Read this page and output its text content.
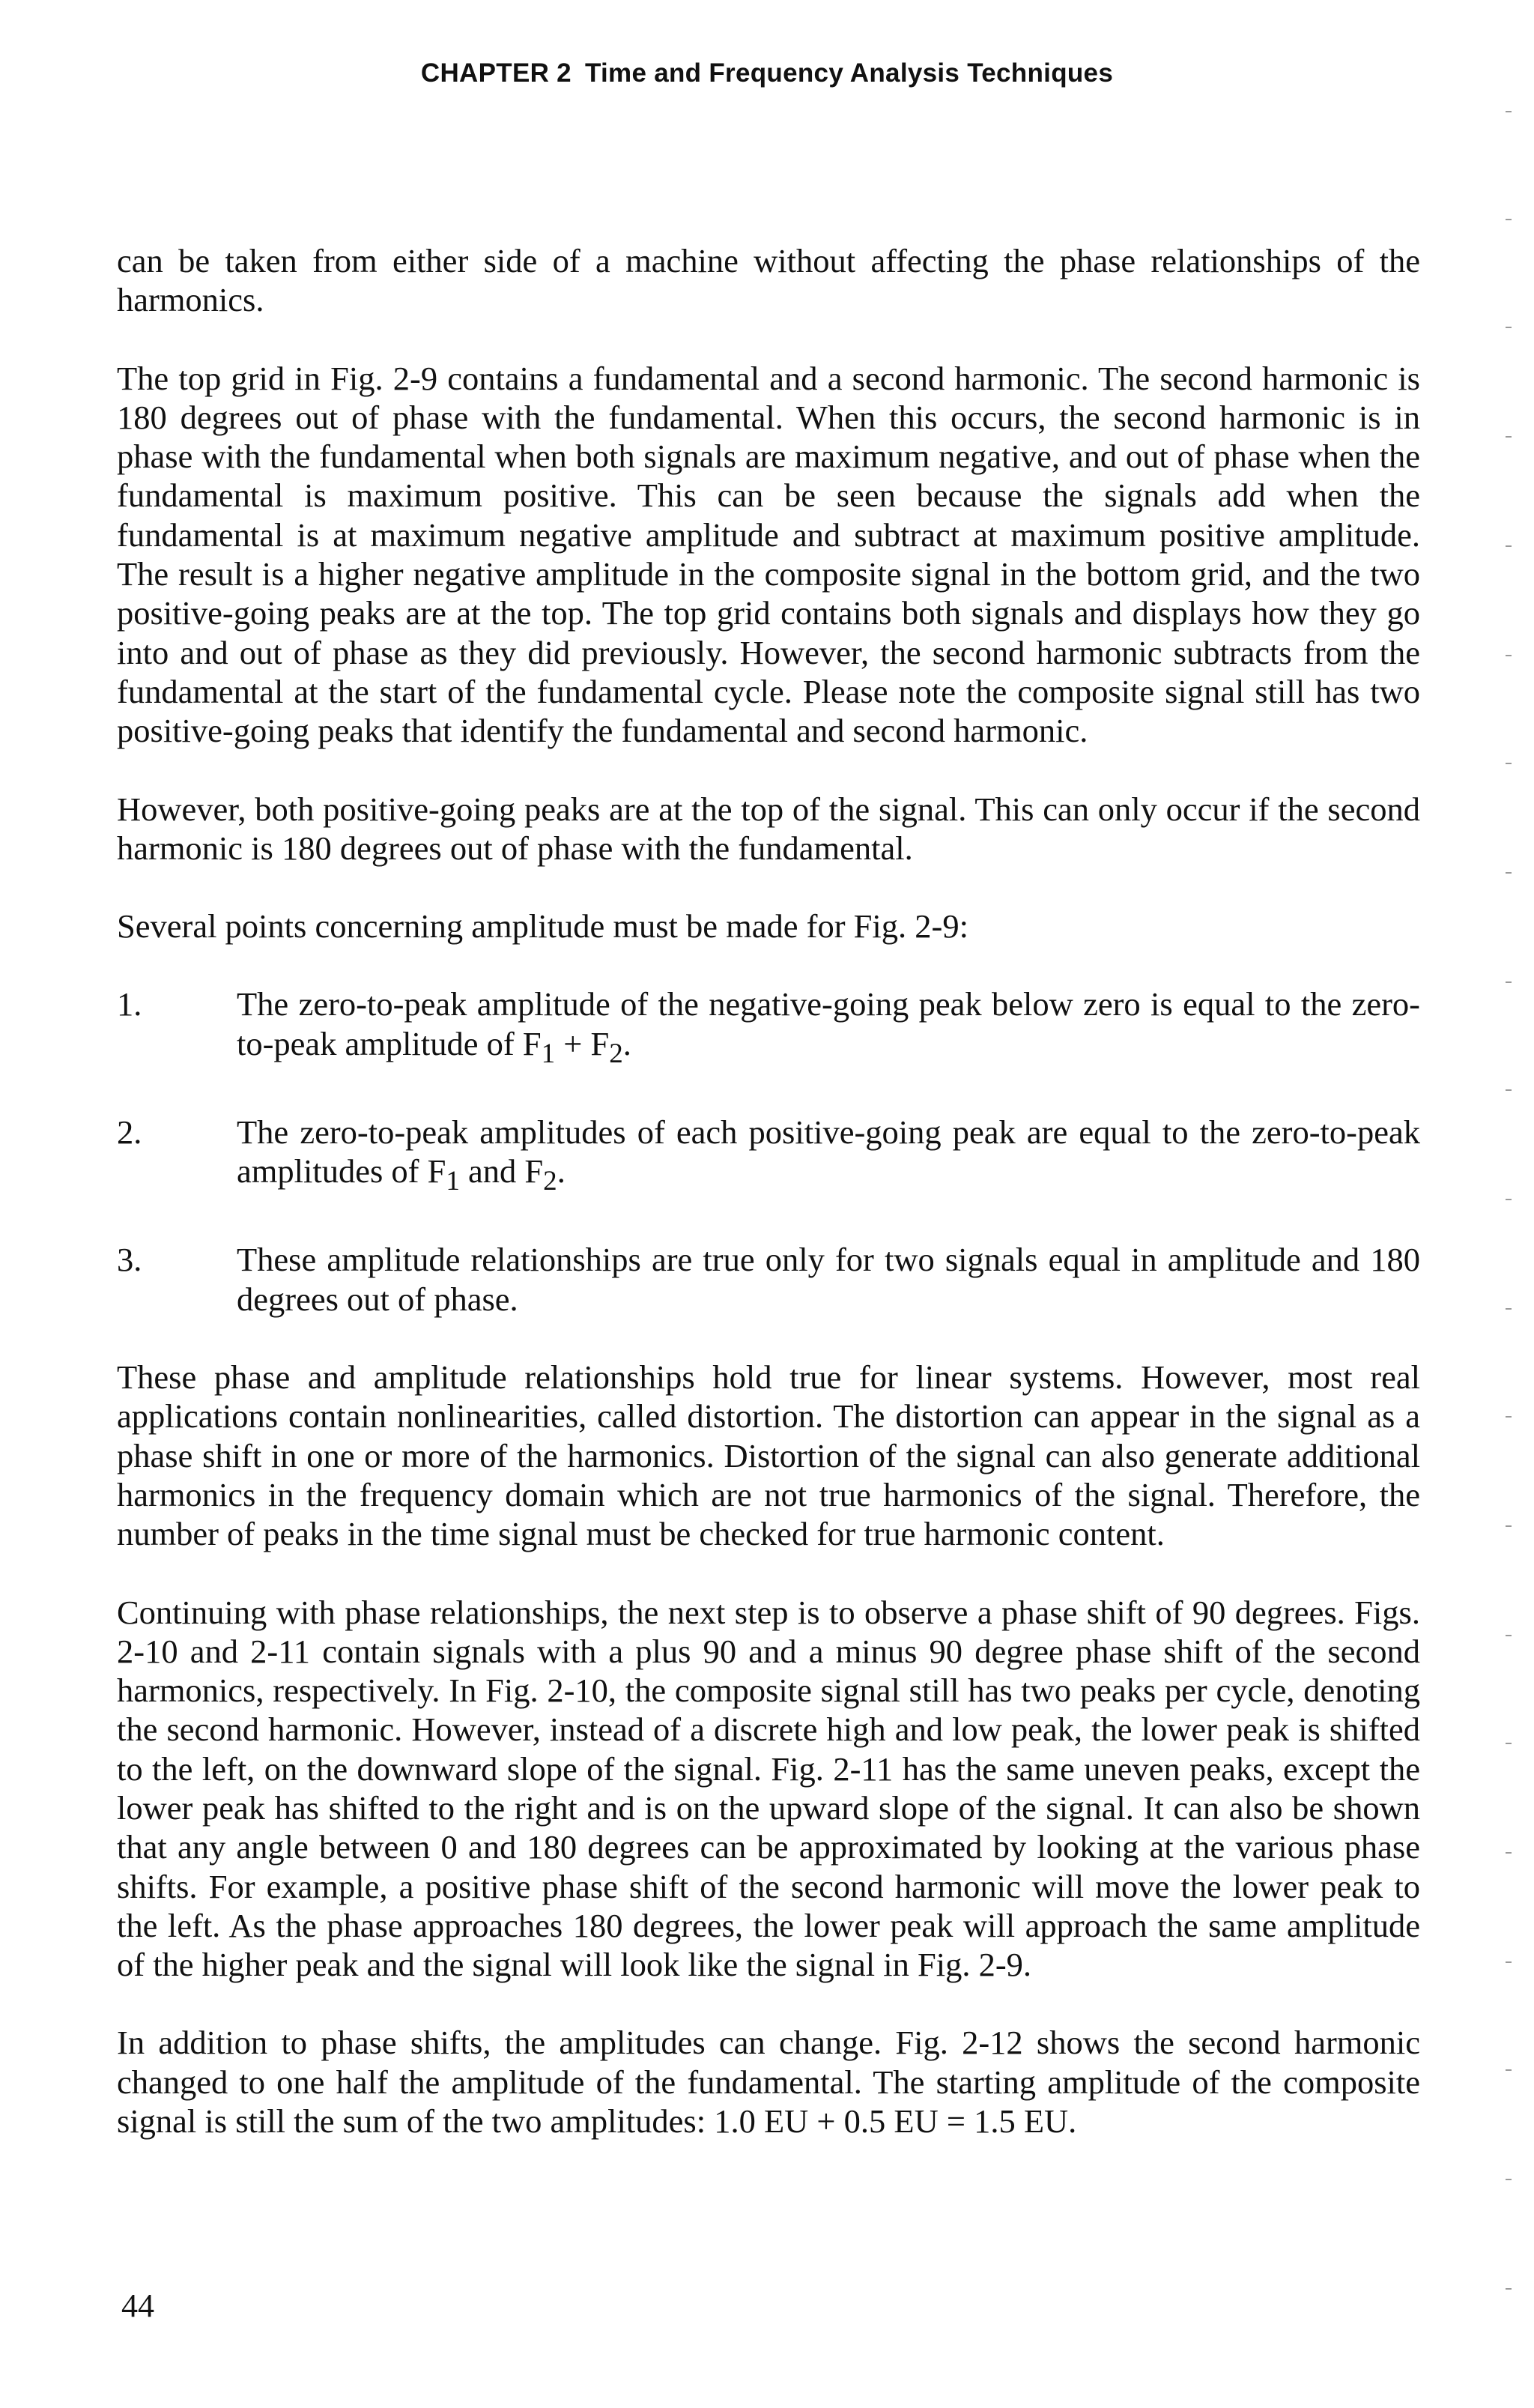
CHAPTER 2 Time and Frequency Analysis Techniques

can be taken from either side of a machine without affecting the phase relationships of the harmonics.

The top grid in Fig. 2-9 contains a fundamental and a second harmonic. The second harmonic is 180 degrees out of phase with the fundamental. When this occurs, the second harmonic is in phase with the fundamental when both signals are maximum negative, and out of phase when the fundamental is maximum positive. This can be seen because the signals add when the fundamental is at maximum negative amplitude and subtract at maximum positive amplitude. The result is a higher negative amplitude in the composite signal in the bottom grid, and the two positive-going peaks are at the top. The top grid contains both signals and displays how they go into and out of phase as they did previously. However, the second harmonic subtracts from the fundamental at the start of the fundamental cycle. Please note the composite signal still has two positive-going peaks that identify the fundamental and second harmonic.

However, both positive-going peaks are at the top of the signal. This can only occur if the second harmonic is 180 degrees out of phase with the fundamental.

Several points concerning amplitude must be made for Fig. 2-9:

1.	The zero-to-peak amplitude of the negative-going peak below zero is equal to the zero-to-peak amplitude of $F_1 + F_2$.
2.	The zero-to-peak amplitudes of each positive-going peak are equal to the zero-to-peak amplitudes of $F_1$ and $F_2$.
3.	These amplitude relationships are true only for two signals equal in amplitude and 180 degrees out of phase.

These phase and amplitude relationships hold true for linear systems. However, most real applications contain nonlinearities, called distortion. The distortion can appear in the signal as a phase shift in one or more of the harmonics. Distortion of the signal can also generate additional harmonics in the frequency domain which are not true harmonics of the signal. Therefore, the number of peaks in the time signal must be checked for true harmonic content.

Continuing with phase relationships, the next step is to observe a phase shift of 90 degrees. Figs. 2-10 and 2-11 contain signals with a plus 90 and a minus 90 degree phase shift of the second harmonics, respectively. In Fig. 2-10, the composite signal still has two peaks per cycle, denoting the second harmonic. However, instead of a discrete high and low peak, the lower peak is shifted to the left, on the downward slope of the signal. Fig. 2-11 has the same uneven peaks, except the lower peak has shifted to the right and is on the upward slope of the signal. It can also be shown that any angle between 0 and 180 degrees can be approximated by looking at the various phase shifts. For example, a positive phase shift of the second harmonic will move the lower peak to the left. As the phase approaches 180 degrees, the lower peak will approach the same amplitude of the higher peak and the signal will look like the signal in Fig. 2-9.

In addition to phase shifts, the amplitudes can change. Fig. 2-12 shows the second harmonic changed to one half the amplitude of the fundamental. The starting amplitude of the composite signal is still the sum of the two amplitudes: 1.0 EU + 0.5 EU = 1.5 EU.

44
